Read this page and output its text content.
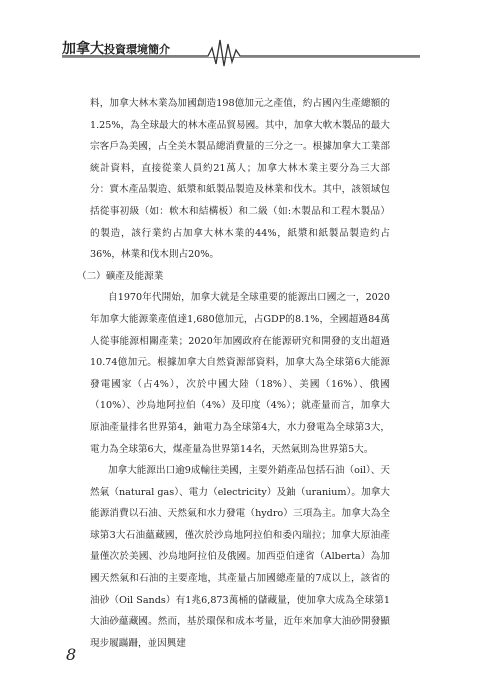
加拿大投資環境簡介

料，加拿大林木業為加國創造198億加元之產值，約占國內生產總額的1.25%，為全球最大的林木產品貿易國。其中，加拿大軟木製品的最大宗客戶為美國，占全美木製品總消費量的三分之一。根據加拿大工業部統計資料，直接從業人員約21萬人；加拿大林木業主要分為三大部分：實木產品製造、紙漿和紙製品製造及林業和伐木。其中，該領域包括從事初級（如：軟木和結構板）和二級（如:木製品和工程木製品）的製造，該行業約占加拿大林木業的44%，紙漿和紙製品製造約占36%，林業和伐木則占20%。

（二）礦產及能源業

自1970年代開始，加拿大就是全球重要的能源出口國之一，2020年加拿大能源業產值達1,680億加元，占GDP的8.1%，全國超過84萬人從事能源相關產業；2020年加國政府在能源研究和開發的支出超過10.74億加元。根據加拿大自然資源部資料，加拿大為全球第6大能源發電國家（占4%），次於中國大陸（18%）、美國（16%）、俄國（10%）、沙烏地阿拉伯（4%）及印度（4%）；就產量而言，加拿大原油產量排名世界第4，鈾電力為全球第4大，水力發電為全球第3大，電力為全球第6大，煤產量為世界第14名，天然氣則為世界第5大。

加拿大能源出口逾9成輸往美國，主要外銷產品包括石油（oil）、天然氣（natural gas）、電力（electricity）及鈾（uranium）。加拿大能源消費以石油、天然氣和水力發電（hydro）三項為主。加拿大為全球第3大石油蘊藏國，僅次於沙烏地阿拉伯和委內瑞拉；加拿大原油產量僅次於美國、沙烏地阿拉伯及俄國。加西亞伯達省（Alberta）為加國天然氣和石油的主要產地，其產量占加國總產量的7成以上，該省的油砂（Oil Sands）有1兆6,873萬桶的儲藏量，使加拿大成為全球第1大油砂蘊藏國。然而，基於環保和成本考量，近年來加拿大油砂開發顯現步履蹣跚，並因興建

8
